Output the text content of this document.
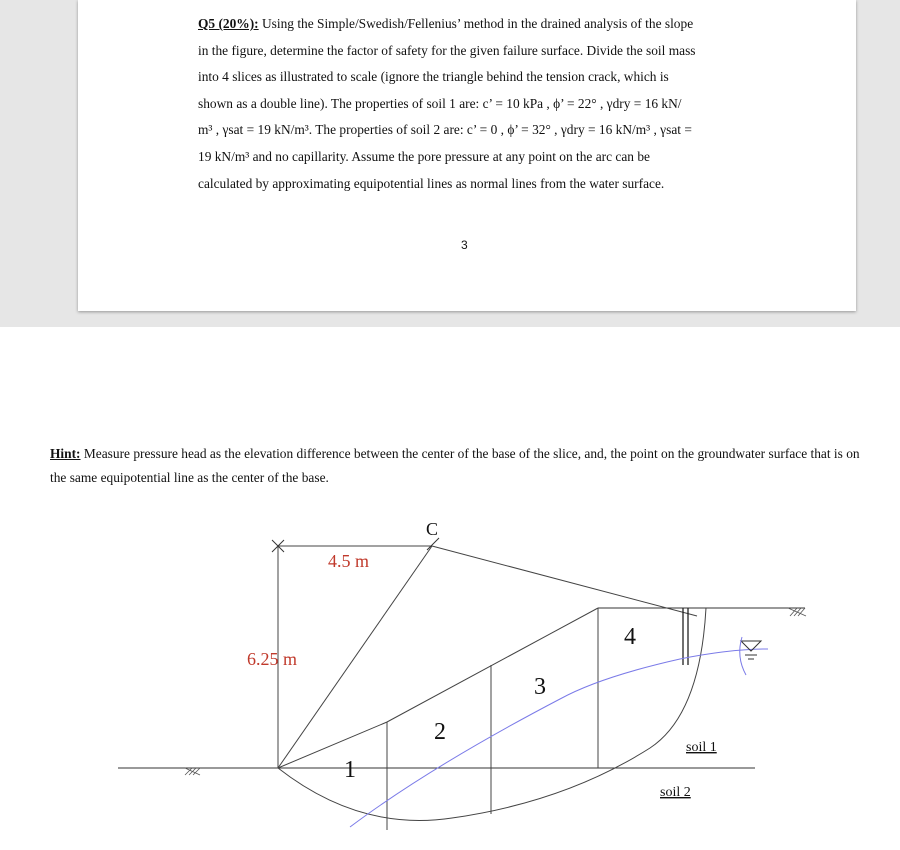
Q5 (20%): Using the Simple/Swedish/Fellenius’ method in the drained analysis of the slope
in the figure, determine the factor of safety for the given failure surface. Divide the soil mass
into 4 slices as illustrated to scale (ignore the triangle behind the tension crack, which is
shown as a double line). The properties of soil 1 are: c’ = 10 kPa , ϕ’ = 22° , γdry = 16 kN/
m³ , γsat = 19 kN/m³. The properties of soil 2 are: c’ = 0 , ϕ’ = 32° , γdry = 16 kN/m³ , γsat =
19 kN/m³ and no capillarity. Assume the pore pressure at any point on the arc can be
calculated by approximating equipotential lines as normal lines from the water surface.
3
Hint: Measure pressure head as the elevation difference between the center of the base of the slice, and, the point on the groundwater surface that is on the same equipotential line as the center of the base.
C
4.5 m
6.25 m
1
2
3
4
soil 1
soil 2
